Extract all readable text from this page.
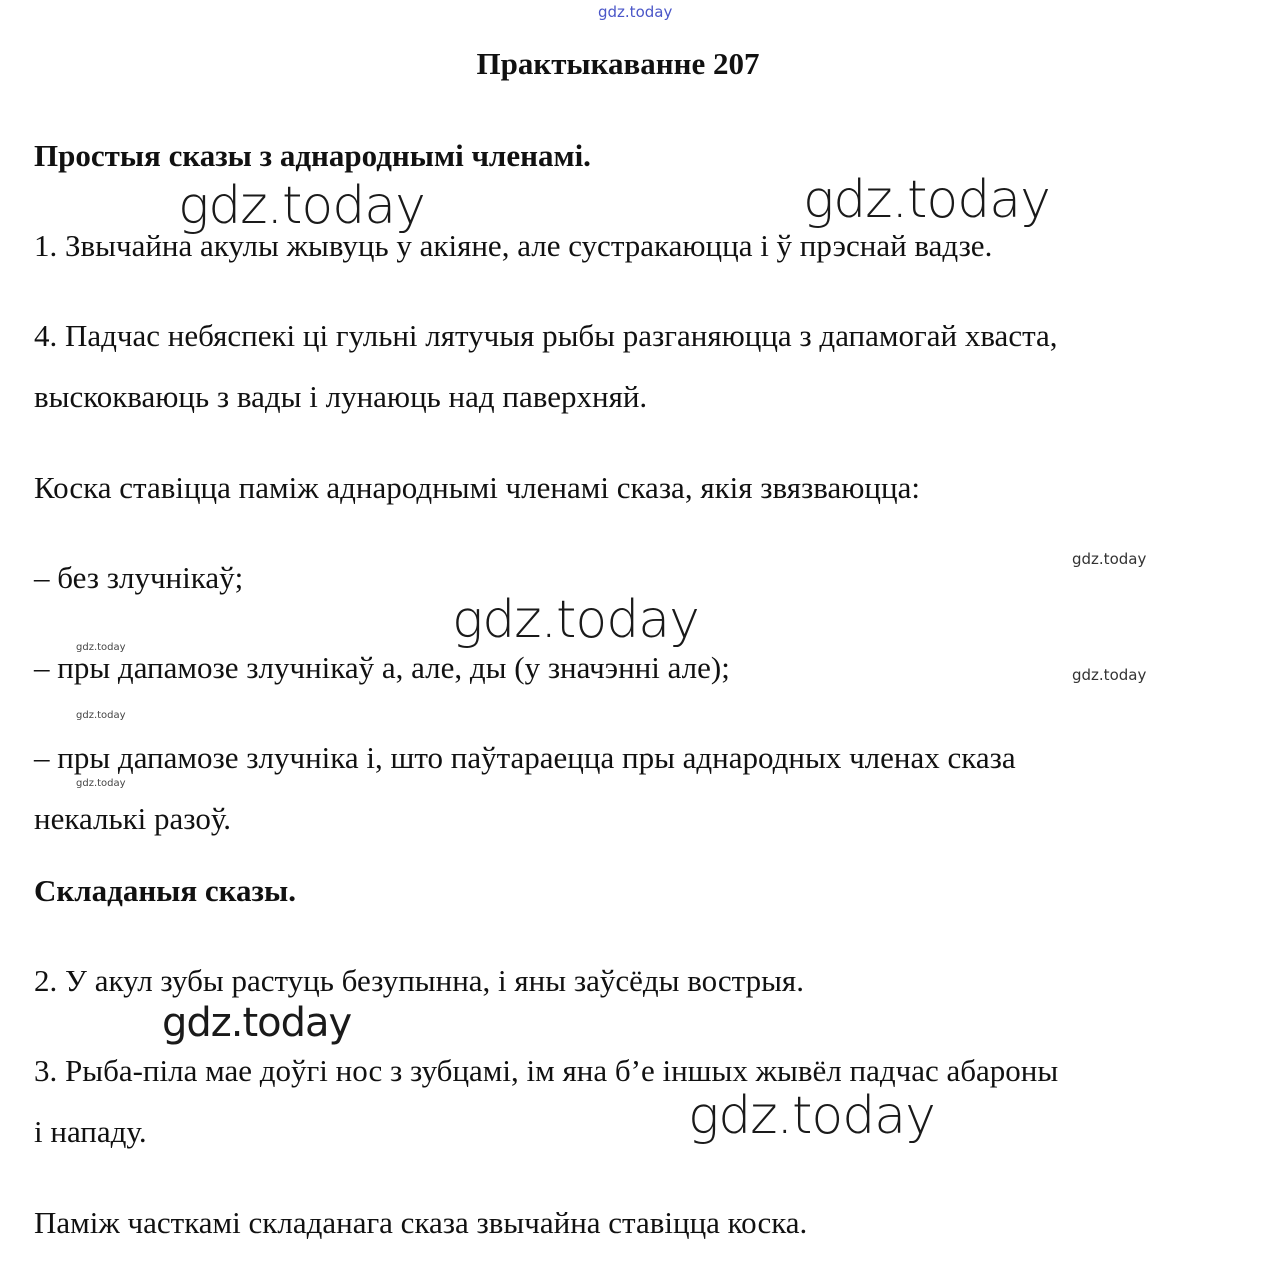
gdz.today
gdz.today	gdz.today
gdz.today
gdz.today
gdz.today
gdz.today
gdz.today
gdz.today
gdz.today
gdz.today
Практыкаванне 207
Простыя сказы з аднароднымі членамі.
1. Звычайна акулы жывуць у акіяне, але сустракаюцца і ў прэснай вадзе.
4. Падчас небяспекі ці гульні лятучыя рыбы разганяюцца з дапамогай хваста,
выскокваюць з вады і лунаюць над паверхняй.
Коска ставіцца паміж аднароднымі членамі сказа, якія звязваюцца:
– без злучнікаў;
– пры дапамозе злучнікаў а, але, ды (у значэнні але);
– пры дапамозе злучніка і, што паўтараецца пры аднародных членах сказа
некалькі разоў.
Складаныя сказы.
2. У акул зубы растуць безупынна, і яны заўсёды вострыя.
3. Рыба-піла мае доўгі нос з зубцамі, ім яна б’е іншых жывёл падчас абароны
і нападу.
Паміж часткамі складанага сказа звычайна ставіцца коска.
